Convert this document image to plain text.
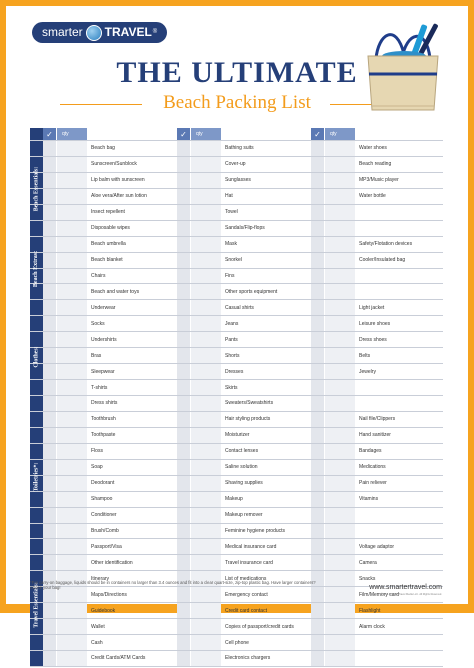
smarter TRAVEL ®
THE ULTIMATE
Beach Packing List
	✓	qty			✓	qty			✓	qty	
			Beach bag				Bathing suits				Water shoes
			Sunscreen/Sunblock				Cover-up				Beach reading
			Lip balm with sunscreen				Sunglasses				MP3/Music player
			Aloe vera/After sun lotion				Hat				Water bottle
			Insect repellent				Towel				
			Disposable wipes				Sandals/Flip-flops				
			Beach umbrella				Mask				Safety/Flotation devices
			Beach blanket				Snorkel				Cooler/Insulated bag
			Chairs				Fins				
			Beach and water toys				Other sports equipment				
			Underwear				Casual shirts				Light jacket
			Socks				Jeans				Leisure shoes
			Undershirts				Pants				Dress shoes
			Bras				Shorts				Belts
			Sleepwear				Dresses				Jewelry
			T-shirts				Skirts				
			Dress shirts				Sweaters/Sweatshirts				
			Toothbrush				Hair styling products				Nail file/Clippers
			Toothpaste				Moisturizer				Hand sanitizer
			Floss				Contact lenses				Bandages
			Soap				Saline solution				Medications
			Deodorant				Shaving supplies				Pain reliever
			Shampoo				Makeup				Vitamins
			Conditioner				Makeup remover				
			Brush/Comb				Feminine hygiene products				
			Passport/Visa				Medical insurance card				Voltage adaptor
			Other identification				Travel insurance card				Camera
			Itinerary				List of medications				Snacks
			Maps/Directions				Emergency contact				Film/Memory card
			Guidebook				Credit card contact				Flashlight
			Wallet				Copies of passport/credit cards				Alarm clock
			Cash				Cell phone				
			Credit Cards/ATM Cards				Electronics chargers				
Beach Essentials:
Beach Extras:
Clothes:
Toiletries*:
Travel Essentials:
*For carry-on baggage, liquids should be in containers no larger than 3.4 ounces and fit into a clear quart-size, zip-top plastic bag. Have larger containers? Check your bag!	www.smartertravel.com
©2013 Smarter Travel Media LLC. All Rights Reserved.
